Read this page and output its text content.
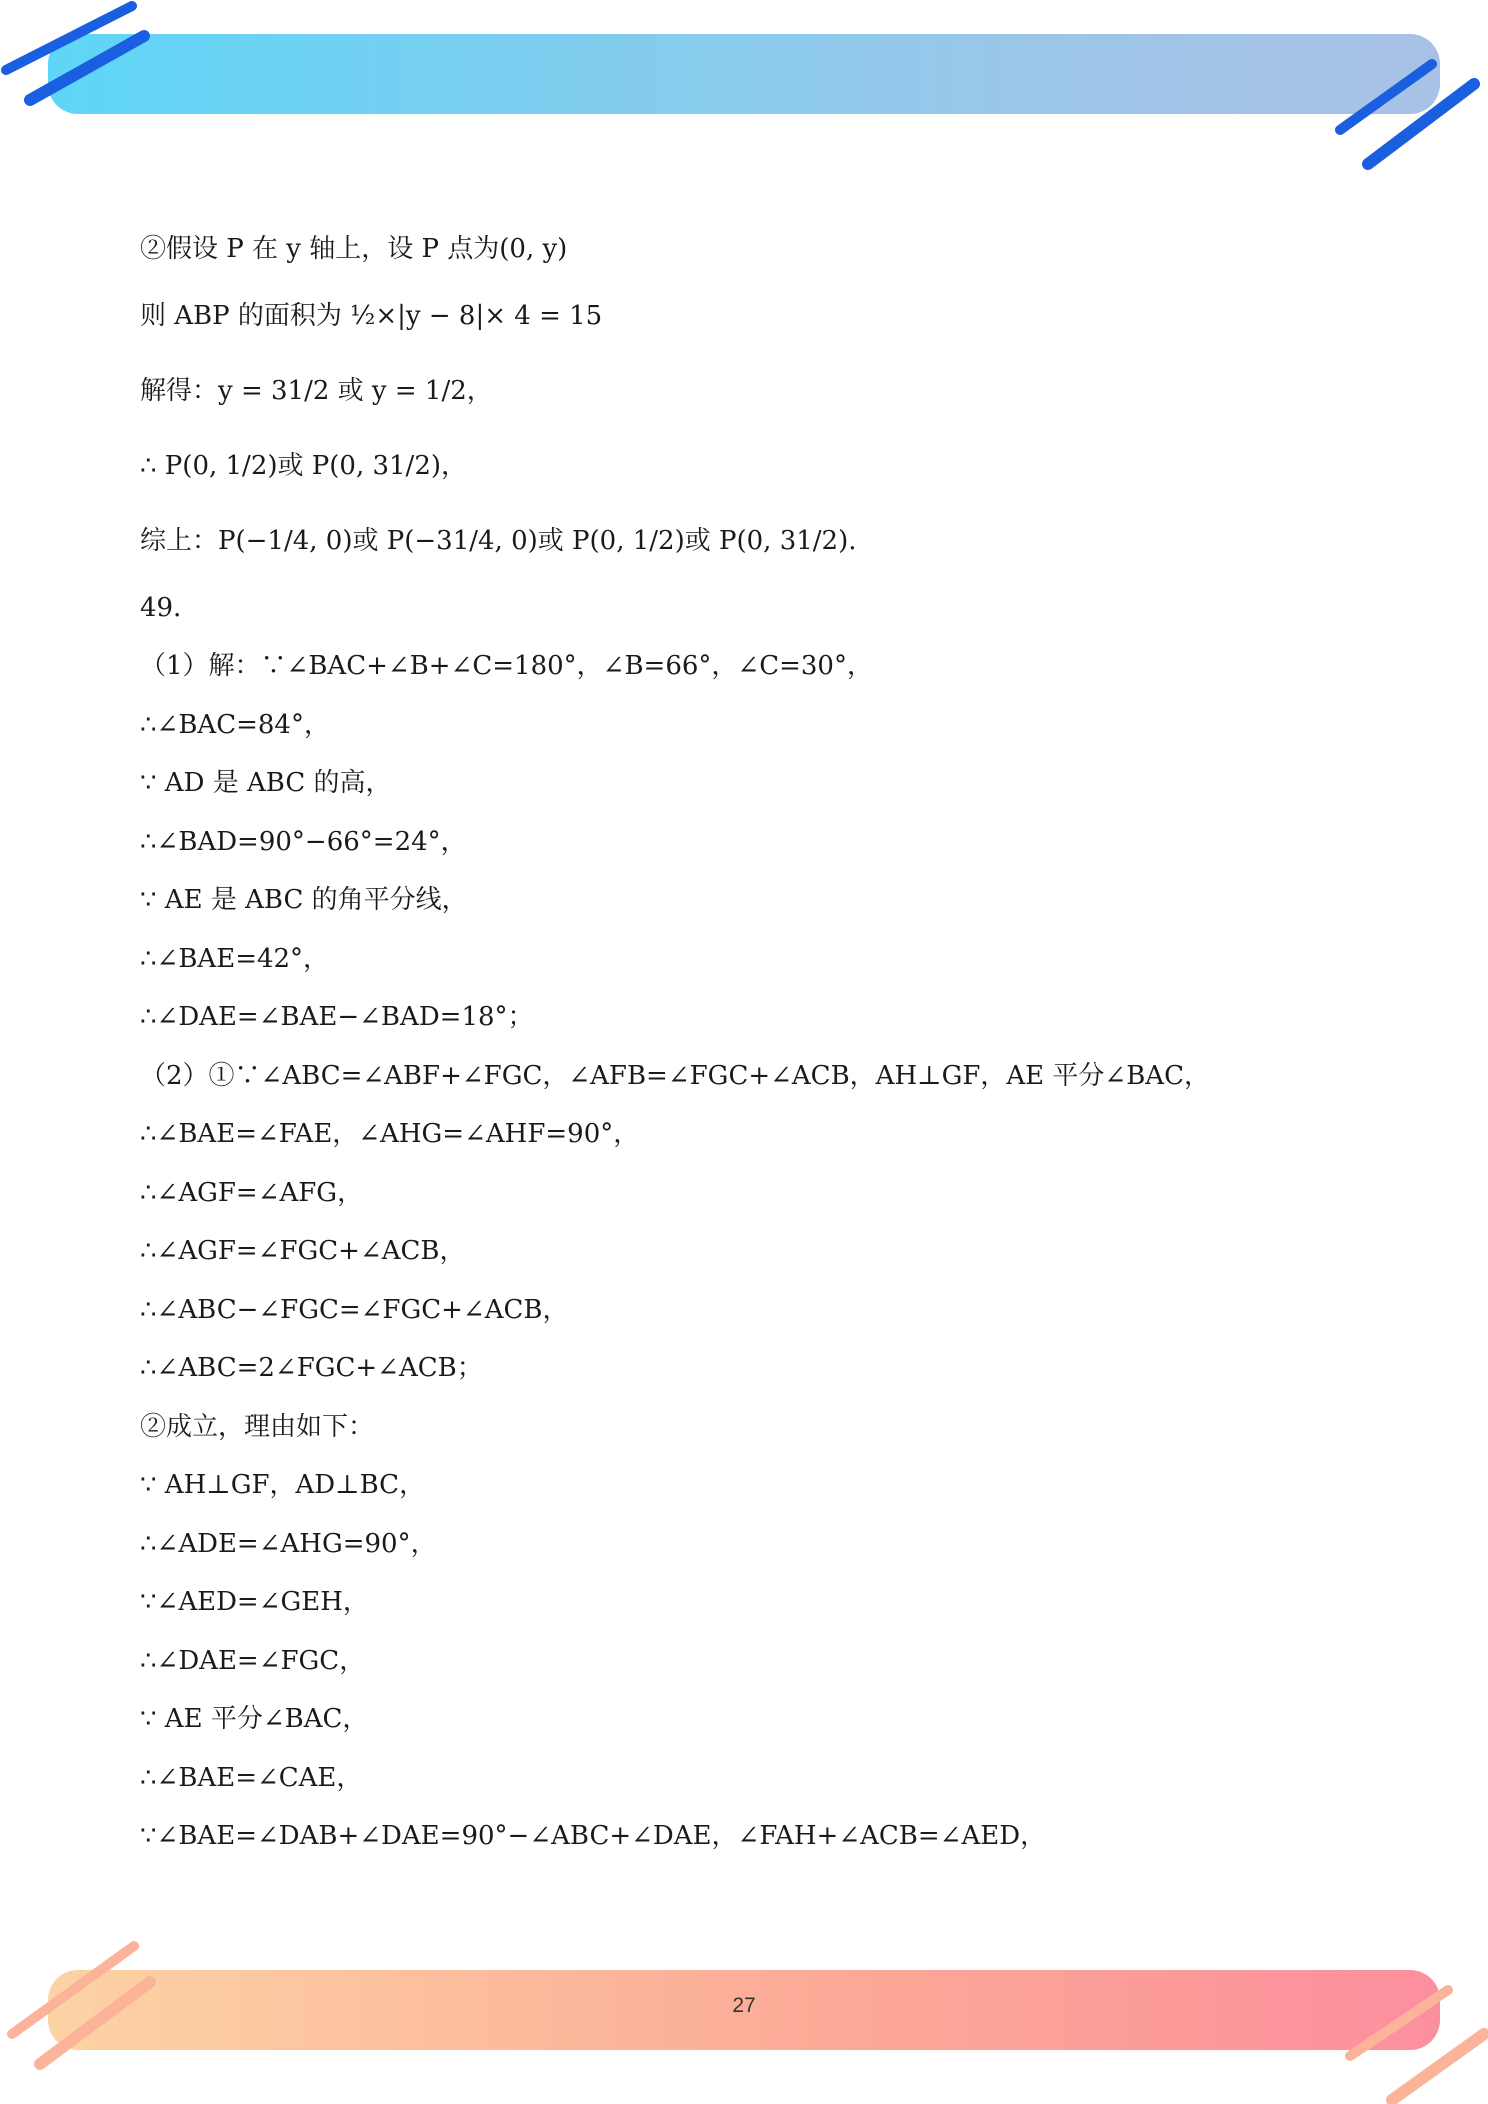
27
②假设 P 在 y 轴上，设 P 点为(0, y)
则 ABP 的面积为 ½×|y − 8|× 4 = 15
解得：y = 31/2 或 y = 1/2，
∴ P(0, 1/2)或 P(0, 31/2)，
综上：P(−1/4, 0)或 P(−31/4, 0)或 P(0, 1/2)或 P(0, 31/2).
49．
（1）解：∵∠BAC+∠B+∠C=180°，∠B=66°，∠C=30°，
∴∠BAC=84°，
∵ AD 是 ABC 的高，
∴∠BAD=90°−66°=24°，
∵ AE 是 ABC 的角平分线，
∴∠BAE=42°，
∴∠DAE=∠BAE−∠BAD=18°；
（2）①∵∠ABC=∠ABF+∠FGC，∠AFB=∠FGC+∠ACB，AH⊥GF，AE 平分∠BAC，
∴∠BAE=∠FAE，∠AHG=∠AHF=90°，
∴∠AGF=∠AFG，
∴∠AGF=∠FGC+∠ACB，
∴∠ABC−∠FGC=∠FGC+∠ACB，
∴∠ABC=2∠FGC+∠ACB；
②成立，理由如下：
∵ AH⊥GF，AD⊥BC，
∴∠ADE=∠AHG=90°，
∵∠AED=∠GEH，
∴∠DAE=∠FGC，
∵ AE 平分∠BAC，
∴∠BAE=∠CAE，
∵∠BAE=∠DAB+∠DAE=90°−∠ABC+∠DAE，∠FAH+∠ACB=∠AED，
